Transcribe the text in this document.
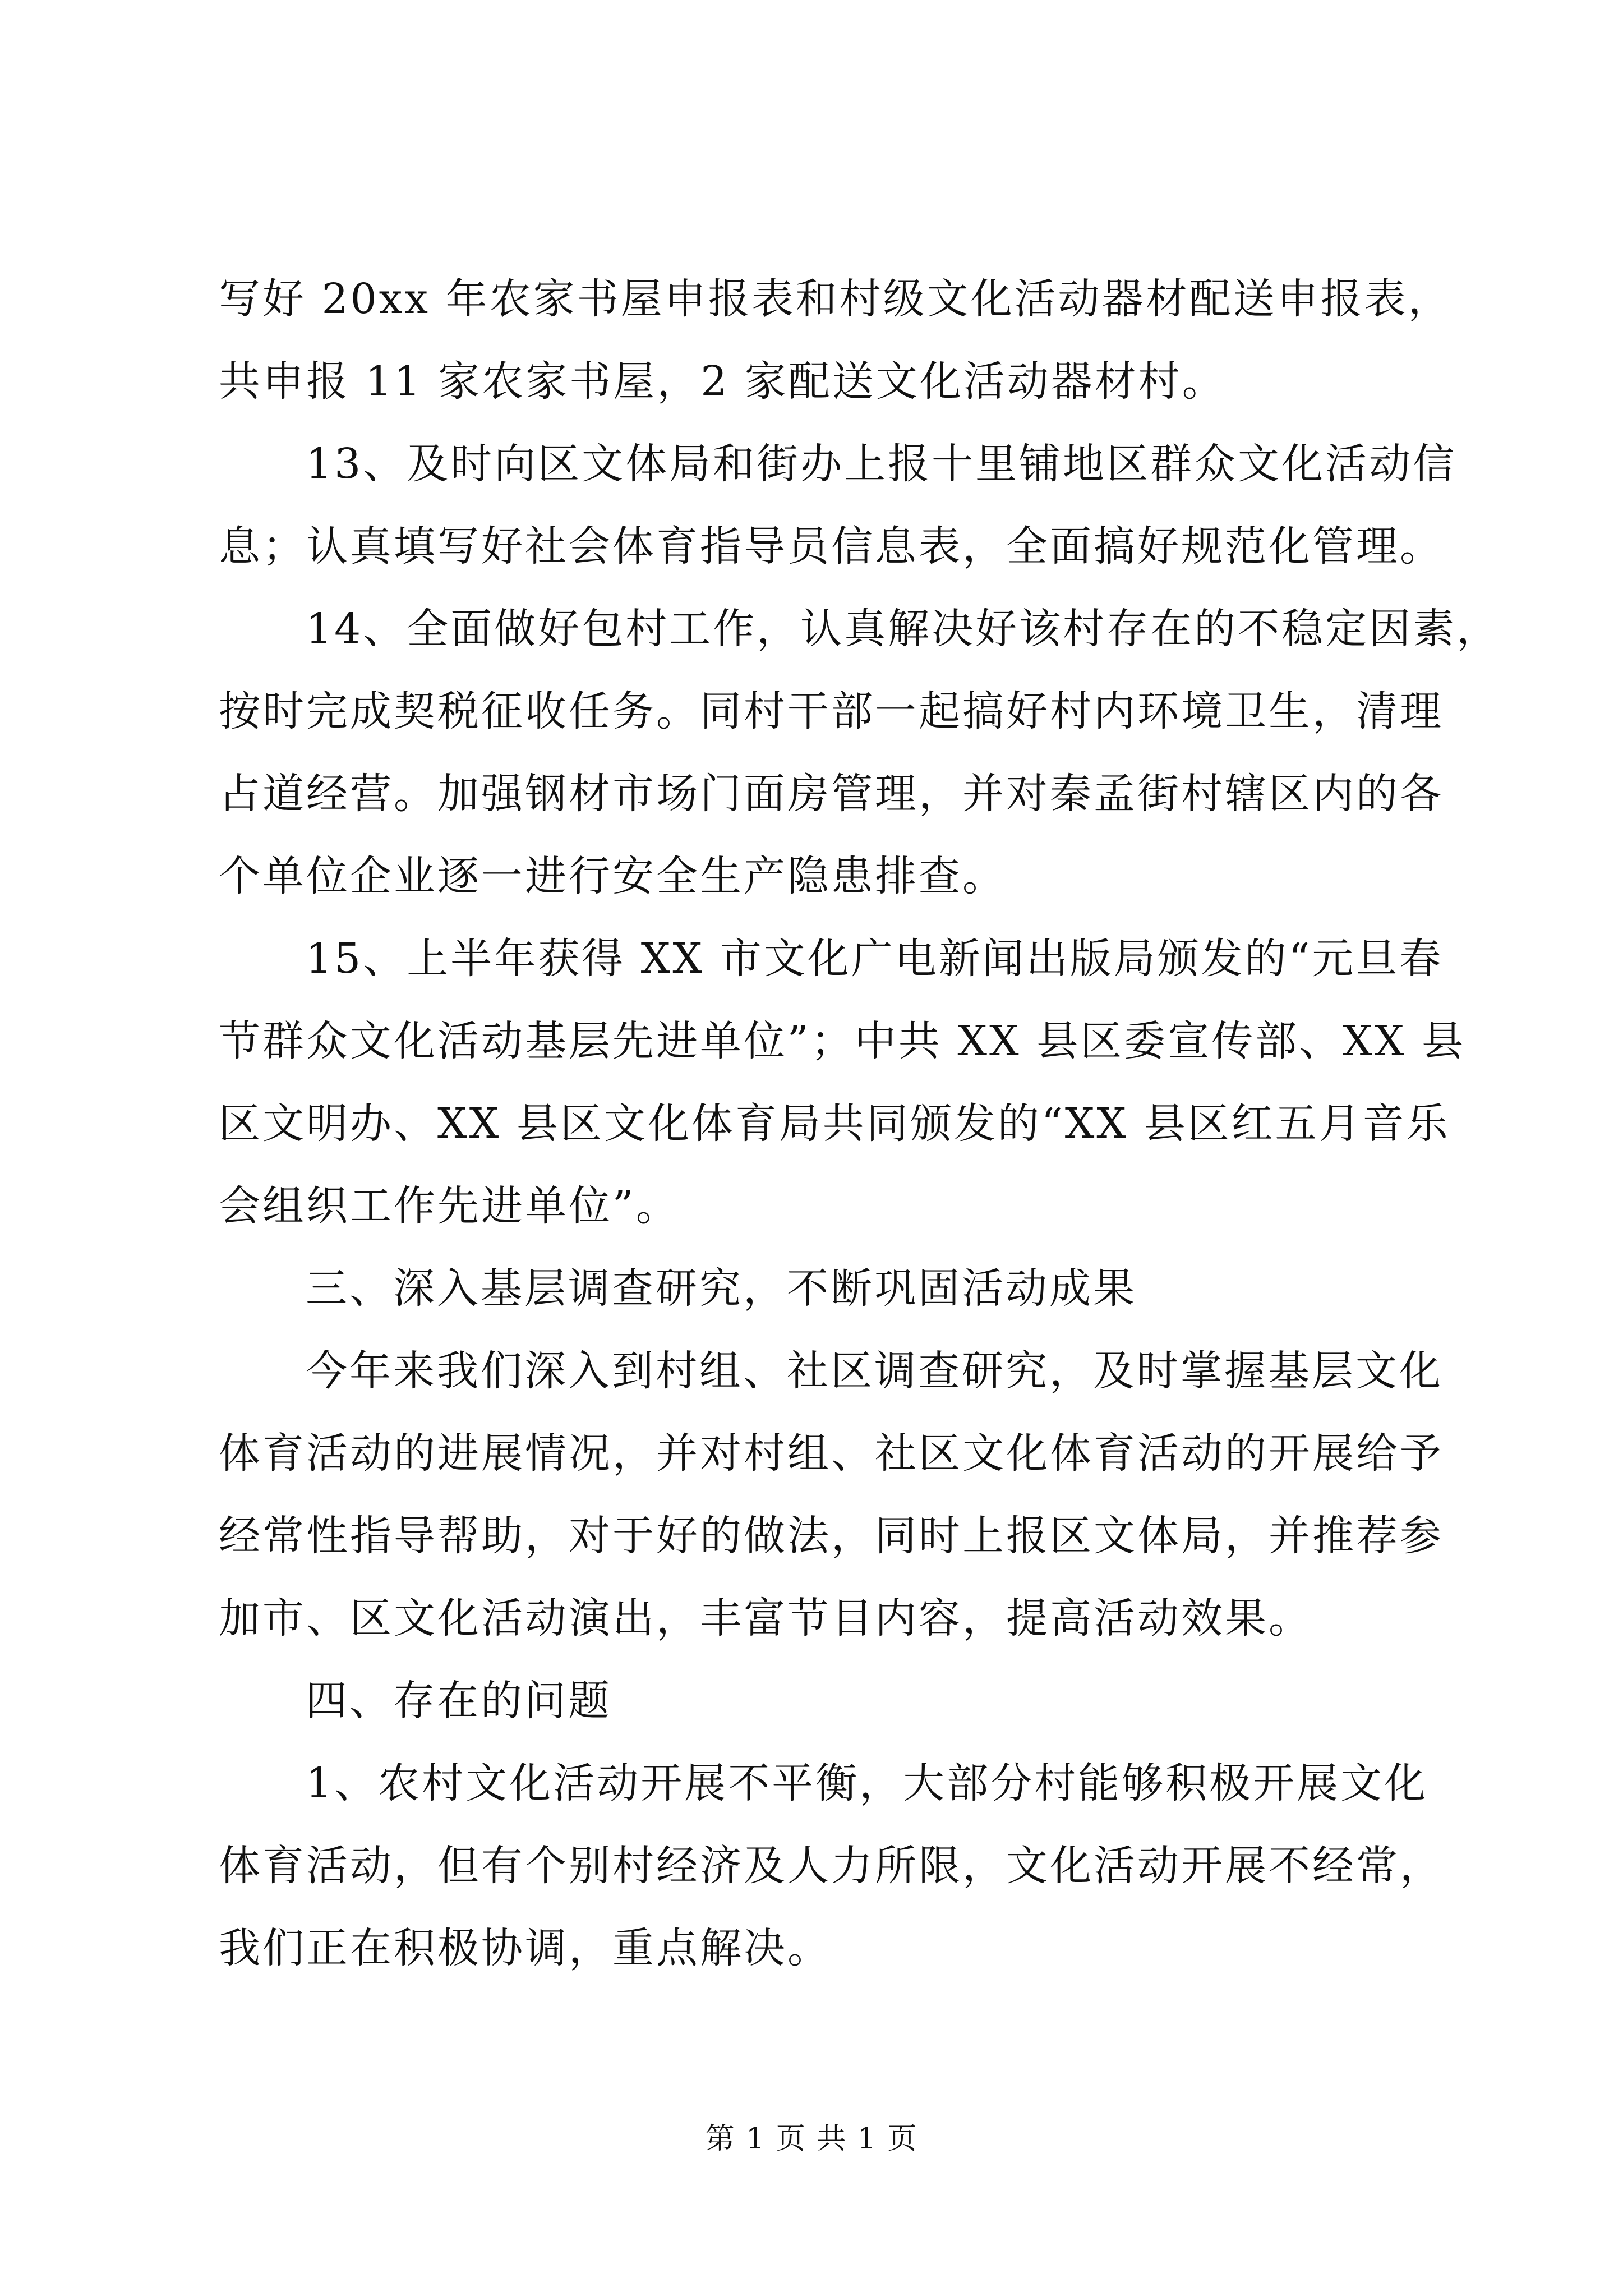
写好 20xx 年农家书屋申报表和村级文化活动器材配送申报表，
共申报 11 家农家书屋，2 家配送文化活动器材村。

13、及时向区文体局和街办上报十里铺地区群众文化活动信
息；认真填写好社会体育指导员信息表，全面搞好规范化管理。

14、全面做好包村工作，认真解决好该村存在的不稳定因素，
按时完成契税征收任务。同村干部一起搞好村内环境卫生，清理
占道经营。加强钢材市场门面房管理，并对秦孟街村辖区内的各
个单位企业逐一进行安全生产隐患排查。

15、上半年获得 XX 市文化广电新闻出版局颁发的“元旦春
节群众文化活动基层先进单位”；中共 XX 县区委宣传部、XX 县
区文明办、XX 县区文化体育局共同颁发的“XX 县区红五月音乐
会组织工作先进单位”。

三、深入基层调查研究，不断巩固活动成果

今年来我们深入到村组、社区调查研究，及时掌握基层文化
体育活动的进展情况，并对村组、社区文化体育活动的开展给予
经常性指导帮助，对于好的做法，同时上报区文体局，并推荐参
加市、区文化活动演出，丰富节目内容，提高活动效果。

四、存在的问题

1、农村文化活动开展不平衡，大部分村能够积极开展文化
体育活动，但有个别村经济及人力所限，文化活动开展不经常，
我们正在积极协调，重点解决。

第 1 页 共 1 页
